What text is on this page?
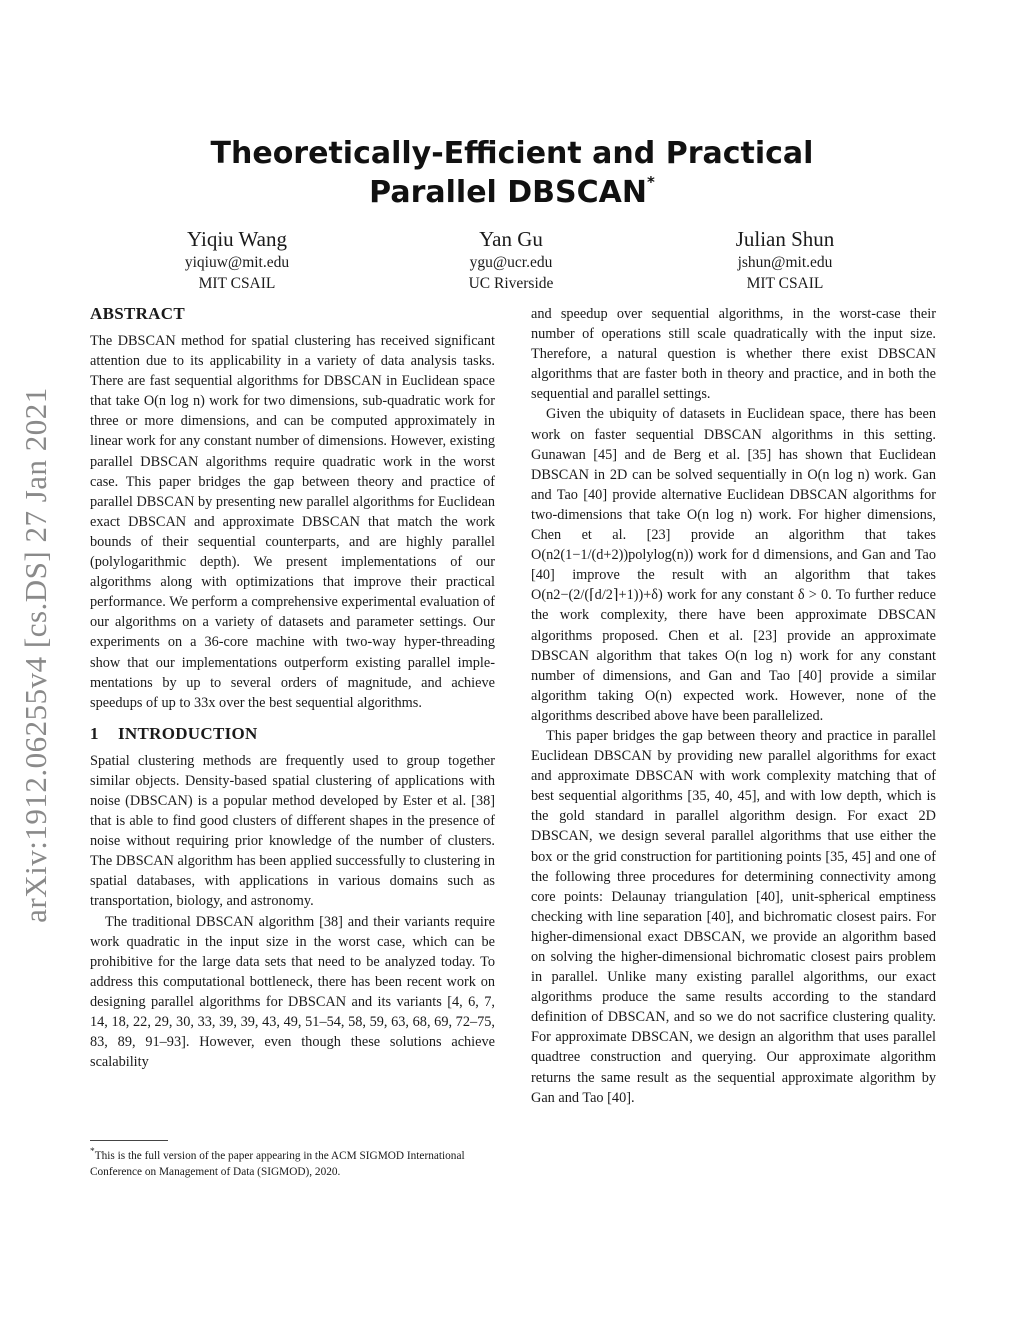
arXiv:1912.06255v4 [cs.DS] 27 Jan 2021
Theoretically-Efficient and Practical
Parallel DBSCAN*
Yiqiu Wang
yiqiuw@mit.edu
MIT CSAIL
Yan Gu
ygu@ucr.edu
UC Riverside
Julian Shun
jshun@mit.edu
MIT CSAIL
ABSTRACT

The DBSCAN method for spatial clustering has received significant attention due to its applicability in a variety of data analysis tasks. There are fast sequential algorithms for DBSCAN in Euclidean space that take O(n log n) work for two dimensions, sub-quadratic work for three or more dimensions, and can be computed approximately in linear work for any constant number of dimensions. However, existing parallel DBSCAN algorithms require quadratic work in the worst case. This paper bridges the gap between theory and practice of parallel DBSCAN by presenting new parallel algorithms for Euclidean exact DBSCAN and approximate DBSCAN that match the work bounds of their sequential counterparts, and are highly parallel (polylogarithmic depth). We present implementations of our algorithms along with optimizations that improve their practical performance. We perform a comprehensive experimental evaluation of our algorithms on a variety of datasets and parameter settings. Our experiments on a 36-core machine with two-way hyper-threading show that our implementations outperform existing parallel implementations by up to several orders of magnitude, and achieve speedups of up to 33x over the best sequential algorithms.

1 INTRODUCTION

Spatial clustering methods are frequently used to group together similar objects. Density-based spatial clustering of applications with noise (DBSCAN) is a popular method developed by Ester et al. [38] that is able to find good clusters of different shapes in the presence of noise without requiring prior knowledge of the number of clusters. The DBSCAN algorithm has been applied successfully to clustering in spatial databases, with applications in various domains such as transportation, biology, and astronomy.

The traditional DBSCAN algorithm [38] and their variants require work quadratic in the input size in the worst case, which can be prohibitive for the large data sets that need to be analyzed today. To address this computational bottleneck, there has been recent work on designing parallel algorithms for DBSCAN and its variants [4, 6, 7, 14, 18, 22, 29, 30, 33, 39, 39, 43, 49, 51–54, 58, 59, 63, 68, 69, 72–75, 83, 89, 91–93]. However, even though these solutions achieve scalability

and speedup over sequential algorithms, in the worst-case their number of operations still scale quadratically with the input size. Therefore, a natural question is whether there exist DBSCAN algorithms that are faster both in theory and practice, and in both the sequential and parallel settings.

Given the ubiquity of datasets in Euclidean space, there has been work on faster sequential DBSCAN algorithms in this setting. Gunawan [45] and de Berg et al. [35] has shown that Euclidean DBSCAN in 2D can be solved sequentially in O(n log n) work. Gan and Tao [40] provide alternative Euclidean DBSCAN algorithms for two-dimensions that take O(n log n) work. For higher dimensions, Chen et al. [23] provide an algorithm that takes O(n2(1−1/(d+2))polylog(n)) work for d dimensions, and Gan and Tao [40] improve the result with an algorithm that takes O(n2−(2/(⌈d/2⌉+1))+δ) work for any constant δ > 0. To further reduce the work complexity, there have been approximate DBSCAN algorithms proposed. Chen et al. [23] provide an approximate DBSCAN algorithm that takes O(n log n) work for any constant number of dimensions, and Gan and Tao [40] provide a similar algorithm taking O(n) expected work. However, none of the algorithms described above have been parallelized.

This paper bridges the gap between theory and practice in parallel Euclidean DBSCAN by providing new parallel algorithms for exact and approximate DBSCAN with work complexity matching that of best sequential algorithms [35, 40, 45], and with low depth, which is the gold standard in parallel algorithm design. For exact 2D DBSCAN, we design several parallel algorithms that use either the box or the grid construction for partitioning points [35, 45] and one of the following three procedures for determining connectivity among core points: Delaunay triangulation [40], unit-spherical emptiness checking with line separation [40], and bichromatic closest pairs. For higher-dimensional exact DBSCAN, we provide an algorithm based on solving the higher-dimensional bichromatic closest pairs problem in parallel. Unlike many existing parallel algorithms, our exact algorithms produce the same results according to the standard definition of DBSCAN, and so we do not sacrifice clustering quality. For approximate DBSCAN, we design an algorithm that uses parallel quadtree construction and querying. Our approximate algorithm returns the same result as the sequential approximate algorithm by Gan and Tao [40].

*This is the full version of the paper appearing in the ACM SIGMOD International Conference on Management of Data (SIGMOD), 2020.
